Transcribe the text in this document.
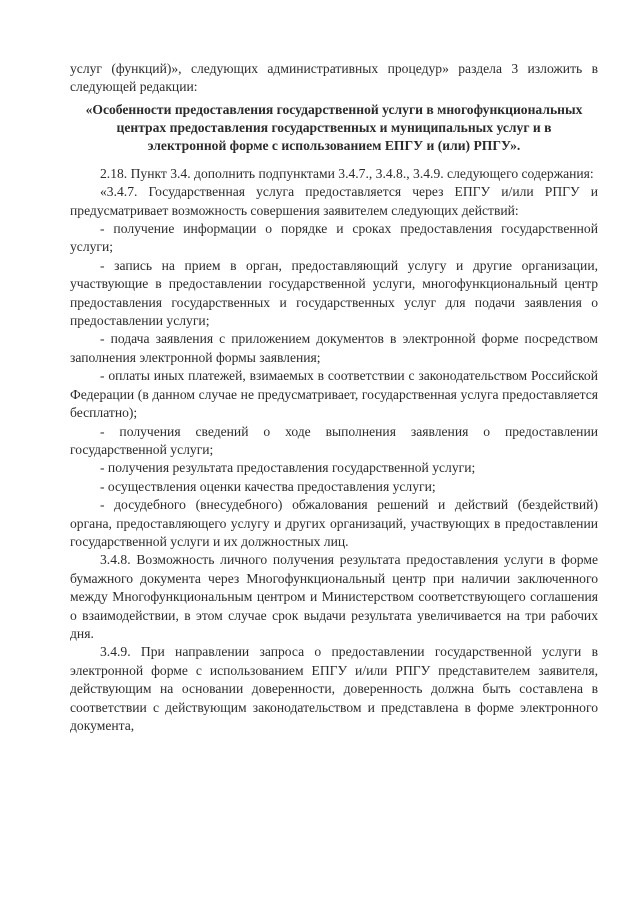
услуг (функций)», следующих административных процедур» раздела 3 изложить в следующей редакции:

«Особенности предоставления государственной услуги в многофункциональных центрах предоставления государственных и муниципальных услуг и в электронной форме с использованием ЕПГУ и (или) РПГУ».

2.18. Пункт 3.4. дополнить подпунктами 3.4.7., 3.4.8., 3.4.9. следующего содержания:

«3.4.7. Государственная услуга предоставляется через ЕПГУ и/или РПГУ и предусматривает возможность совершения заявителем следующих действий:

- получение информации о порядке и сроках предоставления государственной услуги;

- запись на прием в орган, предоставляющий услугу и другие организации, участвующие в предоставлении государственной услуги, многофункциональный центр предоставления государственных и государственных услуг для подачи заявления о предоставлении услуги;

- подача заявления с приложением документов в электронной форме посредством заполнения электронной формы заявления;

- оплаты иных платежей, взимаемых в соответствии с законодательством Российской Федерации (в данном случае не предусматривает, государственная услуга предоставляется бесплатно);

- получения сведений о ходе выполнения заявления о предоставлении государственной услуги;

- получения результата предоставления государственной услуги;

- осуществления оценки качества предоставления услуги;

- досудебного (внесудебного) обжалования решений и действий (бездействий) органа, предоставляющего услугу и других организаций, участвующих в предоставлении государственной услуги и их должностных лиц.

3.4.8. Возможность личного получения результата предоставления услуги в форме бумажного документа через Многофункциональный центр при наличии заключенного между Многофункциональным центром и Министерством соответствующего соглашения о взаимодействии, в этом случае срок выдачи результата увеличивается на три рабочих дня.

3.4.9. При направлении запроса о предоставлении государственной услуги в электронной форме с использованием ЕПГУ и/или РПГУ представителем заявителя, действующим на основании доверенности, доверенность должна быть составлена в соответствии с действующим законодательством и представлена в форме электронного документа,
